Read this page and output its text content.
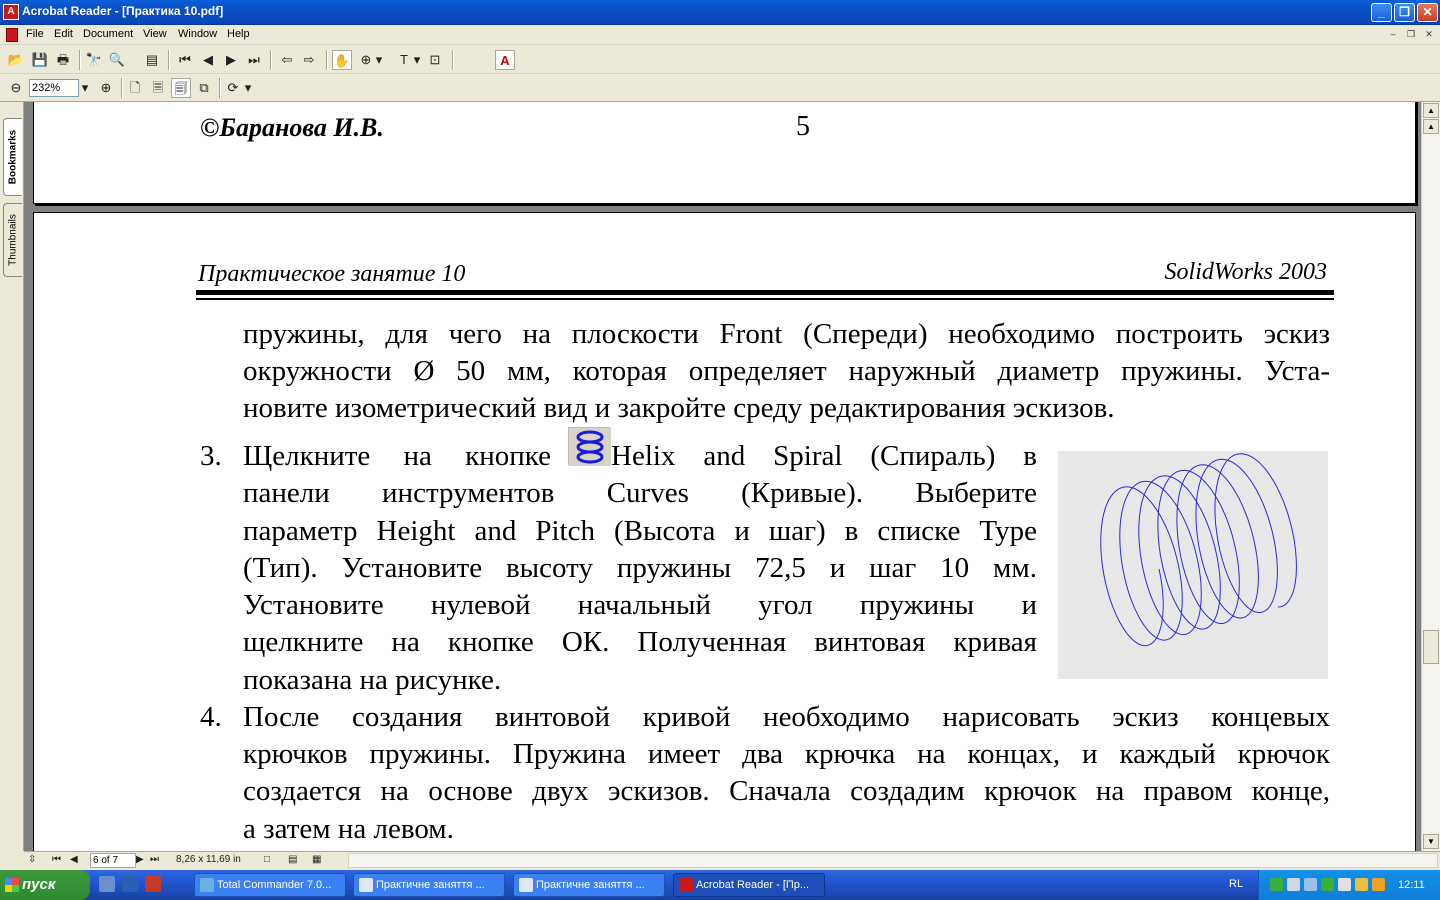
A Acrobat Reader - [Практика 10.pdf]	_	❐	✕
File Edit Document View Window Help	–	❐	✕
📂 💾 🖶 🔭 🔍 ▤	⏮ ◀	▶ ⏭	⇦ ⇨	✋ ⊕ ▾	T ▾ ⊡	A
⊖ 232%	▾ ⊕	🗋 🗏 🗐 ⧉	⟳ ▾
Bookmarks
Thumbnails
©Баранова И.В.	5
Практическое занятие 10	SolidWorks 2003
пружины, для чего на плоскости Front (Спереди) необходимо построить эскиз
окружности Ø 50 мм, которая определяет наружный диаметр пружины. Уста-
новите изометрический вид и закройте среду редактирования эскизов.
3. Щелкните на кнопке Helix and Spiral (Спираль) в
панели инструментов Curves (Кривые). Выберите
параметр Height and Pitch (Высота и шаг) в списке Type
(Тип). Установите высоту пружины 72,5 и шаг 10 мм.
Установите нулевой начальный угол пружины и
щелкните на кнопке ОК. Полученная винтовая кривая
показана на рисунке.
4. После создания винтовой кривой необходимо нарисовать эскиз концевых
крючков пружины. Пружина имеет два крючка на концах, и каждый крючок
создается на основе двух эскизов. Сначала создадим крючок на правом конце,
а затем на левом.
▲
▲
▼
⇳ ⏮ ◀	6 of 7	▶ ⏭ 8,26 x 11,69 in □ ▤ ▦
пуск	Total Commander 7.0...	Практичне заняття ...	Практичне заняття ...	Acrobat Reader - [Пр...	RL	12:11
